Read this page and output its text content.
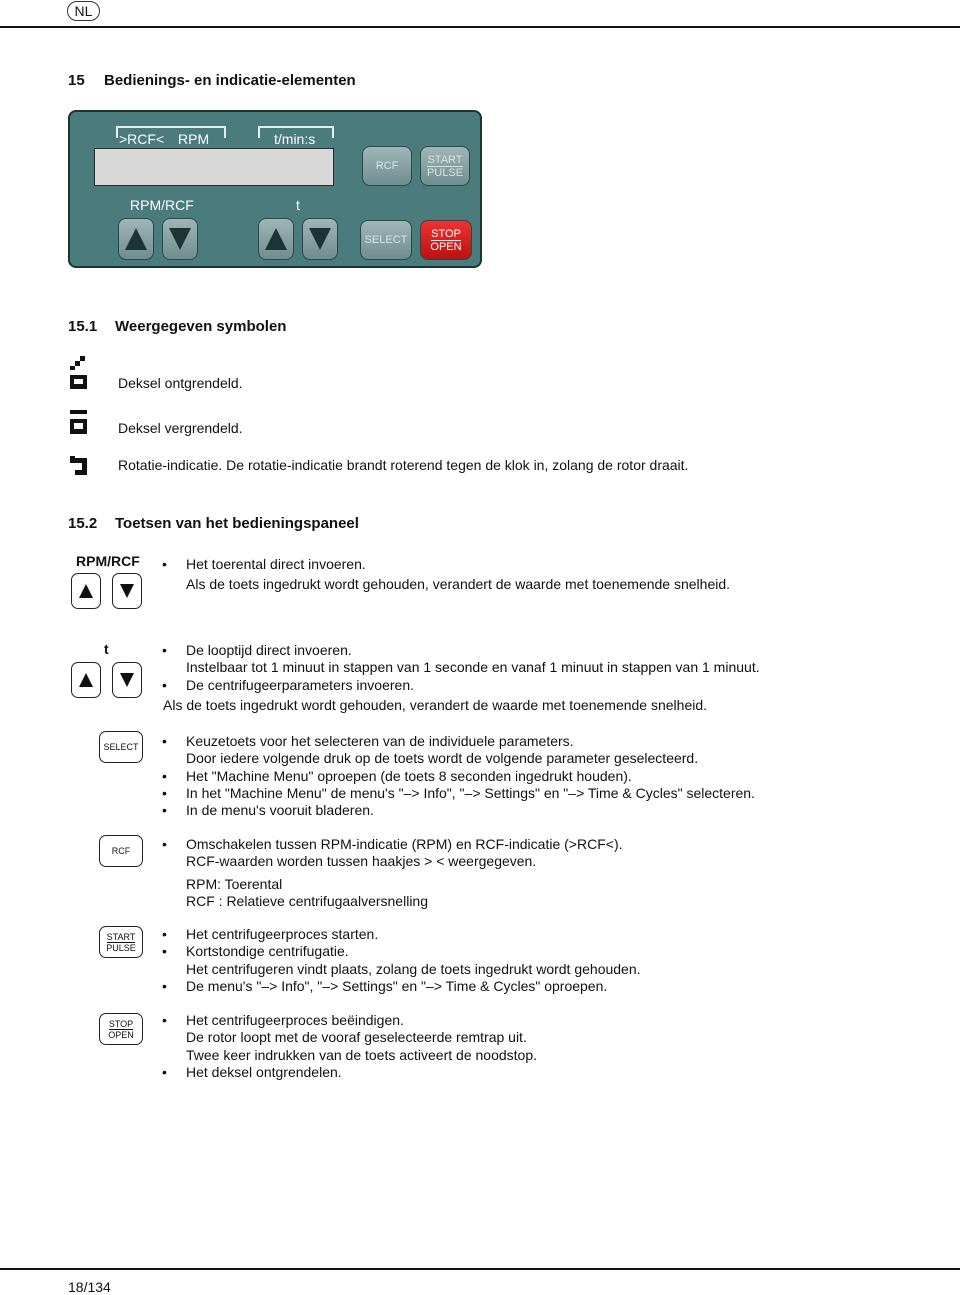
NL
15 Bedienings- en indicatie-elementen
>RCF< RPM	t/min:s
RCF
START
PULSE
RPM/RCF	t
SELECT
STOP
OPEN
15.1 Weergegeven symbolen
Deksel ontgrendeld.
Deksel vergrendeld.
Rotatie-indicatie. De rotatie-indicatie brandt roterend tegen de klok in, zolang de rotor draait.
15.2 Toetsen van het bedieningspaneel
RPM/RCF	• Het toerental direct invoeren.
Als de toets ingedrukt wordt gehouden, verandert de waarde met toenemende snelheid.
t	• De looptijd direct invoeren.
Instelbaar tot 1 minuut in stappen van 1 seconde en vanaf 1 minuut in stappen van 1 minuut.
• De centrifugeerparameters invoeren.
Als de toets ingedrukt wordt gehouden, verandert de waarde met toenemende snelheid.
SELECT	• Keuzetoets voor het selecteren van de individuele parameters.
Door iedere volgende druk op de toets wordt de volgende parameter geselecteerd.
• Het "Machine Menu" oproepen (de toets 8 seconden ingedrukt houden).
• In het "Machine Menu" de menu's "–> Info", "–> Settings" en "–> Time & Cycles" selecteren.
• In de menu's vooruit bladeren.
RCF	• Omschakelen tussen RPM-indicatie (RPM) en RCF-indicatie (>RCF<).
RCF-waarden worden tussen haakjes > < weergegeven.
RPM: Toerental
RCF : Relatieve centrifugaalversnelling
START
PULSE
• Het centrifugeerproces starten.
• Kortstondige centrifugatie.
Het centrifugeren vindt plaats, zolang de toets ingedrukt wordt gehouden.
• De menu's "–> Info", "–> Settings" en "–> Time & Cycles" oproepen.
STOP
OPEN
• Het centrifugeerproces beëindigen.
De rotor loopt met de vooraf geselecteerde remtrap uit.
Twee keer indrukken van de toets activeert de noodstop.
• Het deksel ontgrendelen.
18/134
